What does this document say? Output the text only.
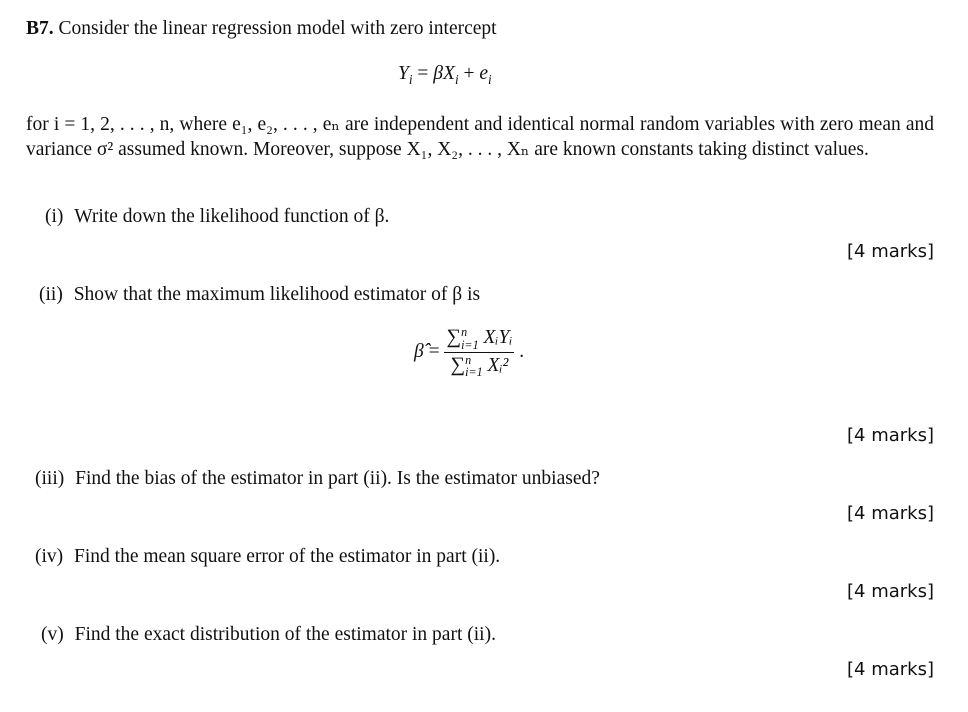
B7. Consider the linear regression model with zero intercept
$Y_i = \beta X_i + e_i$
for i = 1, 2, . . . , n, where e₁, e₂, . . . , eₙ are independent and identical normal random variables with zero mean and variance σ² assumed known. Moreover, suppose X₁, X₂, . . . , Xₙ are known constants taking distinct values.
(i) Write down the likelihood function of β.
[4 marks]
(ii) Show that the maximum likelihood estimator of β is
β̂ =
∑n
i=1 XᵢYᵢ
∑n
i=1 Xᵢ²
.
[4 marks]
(iii) Find the bias of the estimator in part (ii). Is the estimator unbiased?
[4 marks]
(iv) Find the mean square error of the estimator in part (ii).
[4 marks]
(v) Find the exact distribution of the estimator in part (ii).
[4 marks]
